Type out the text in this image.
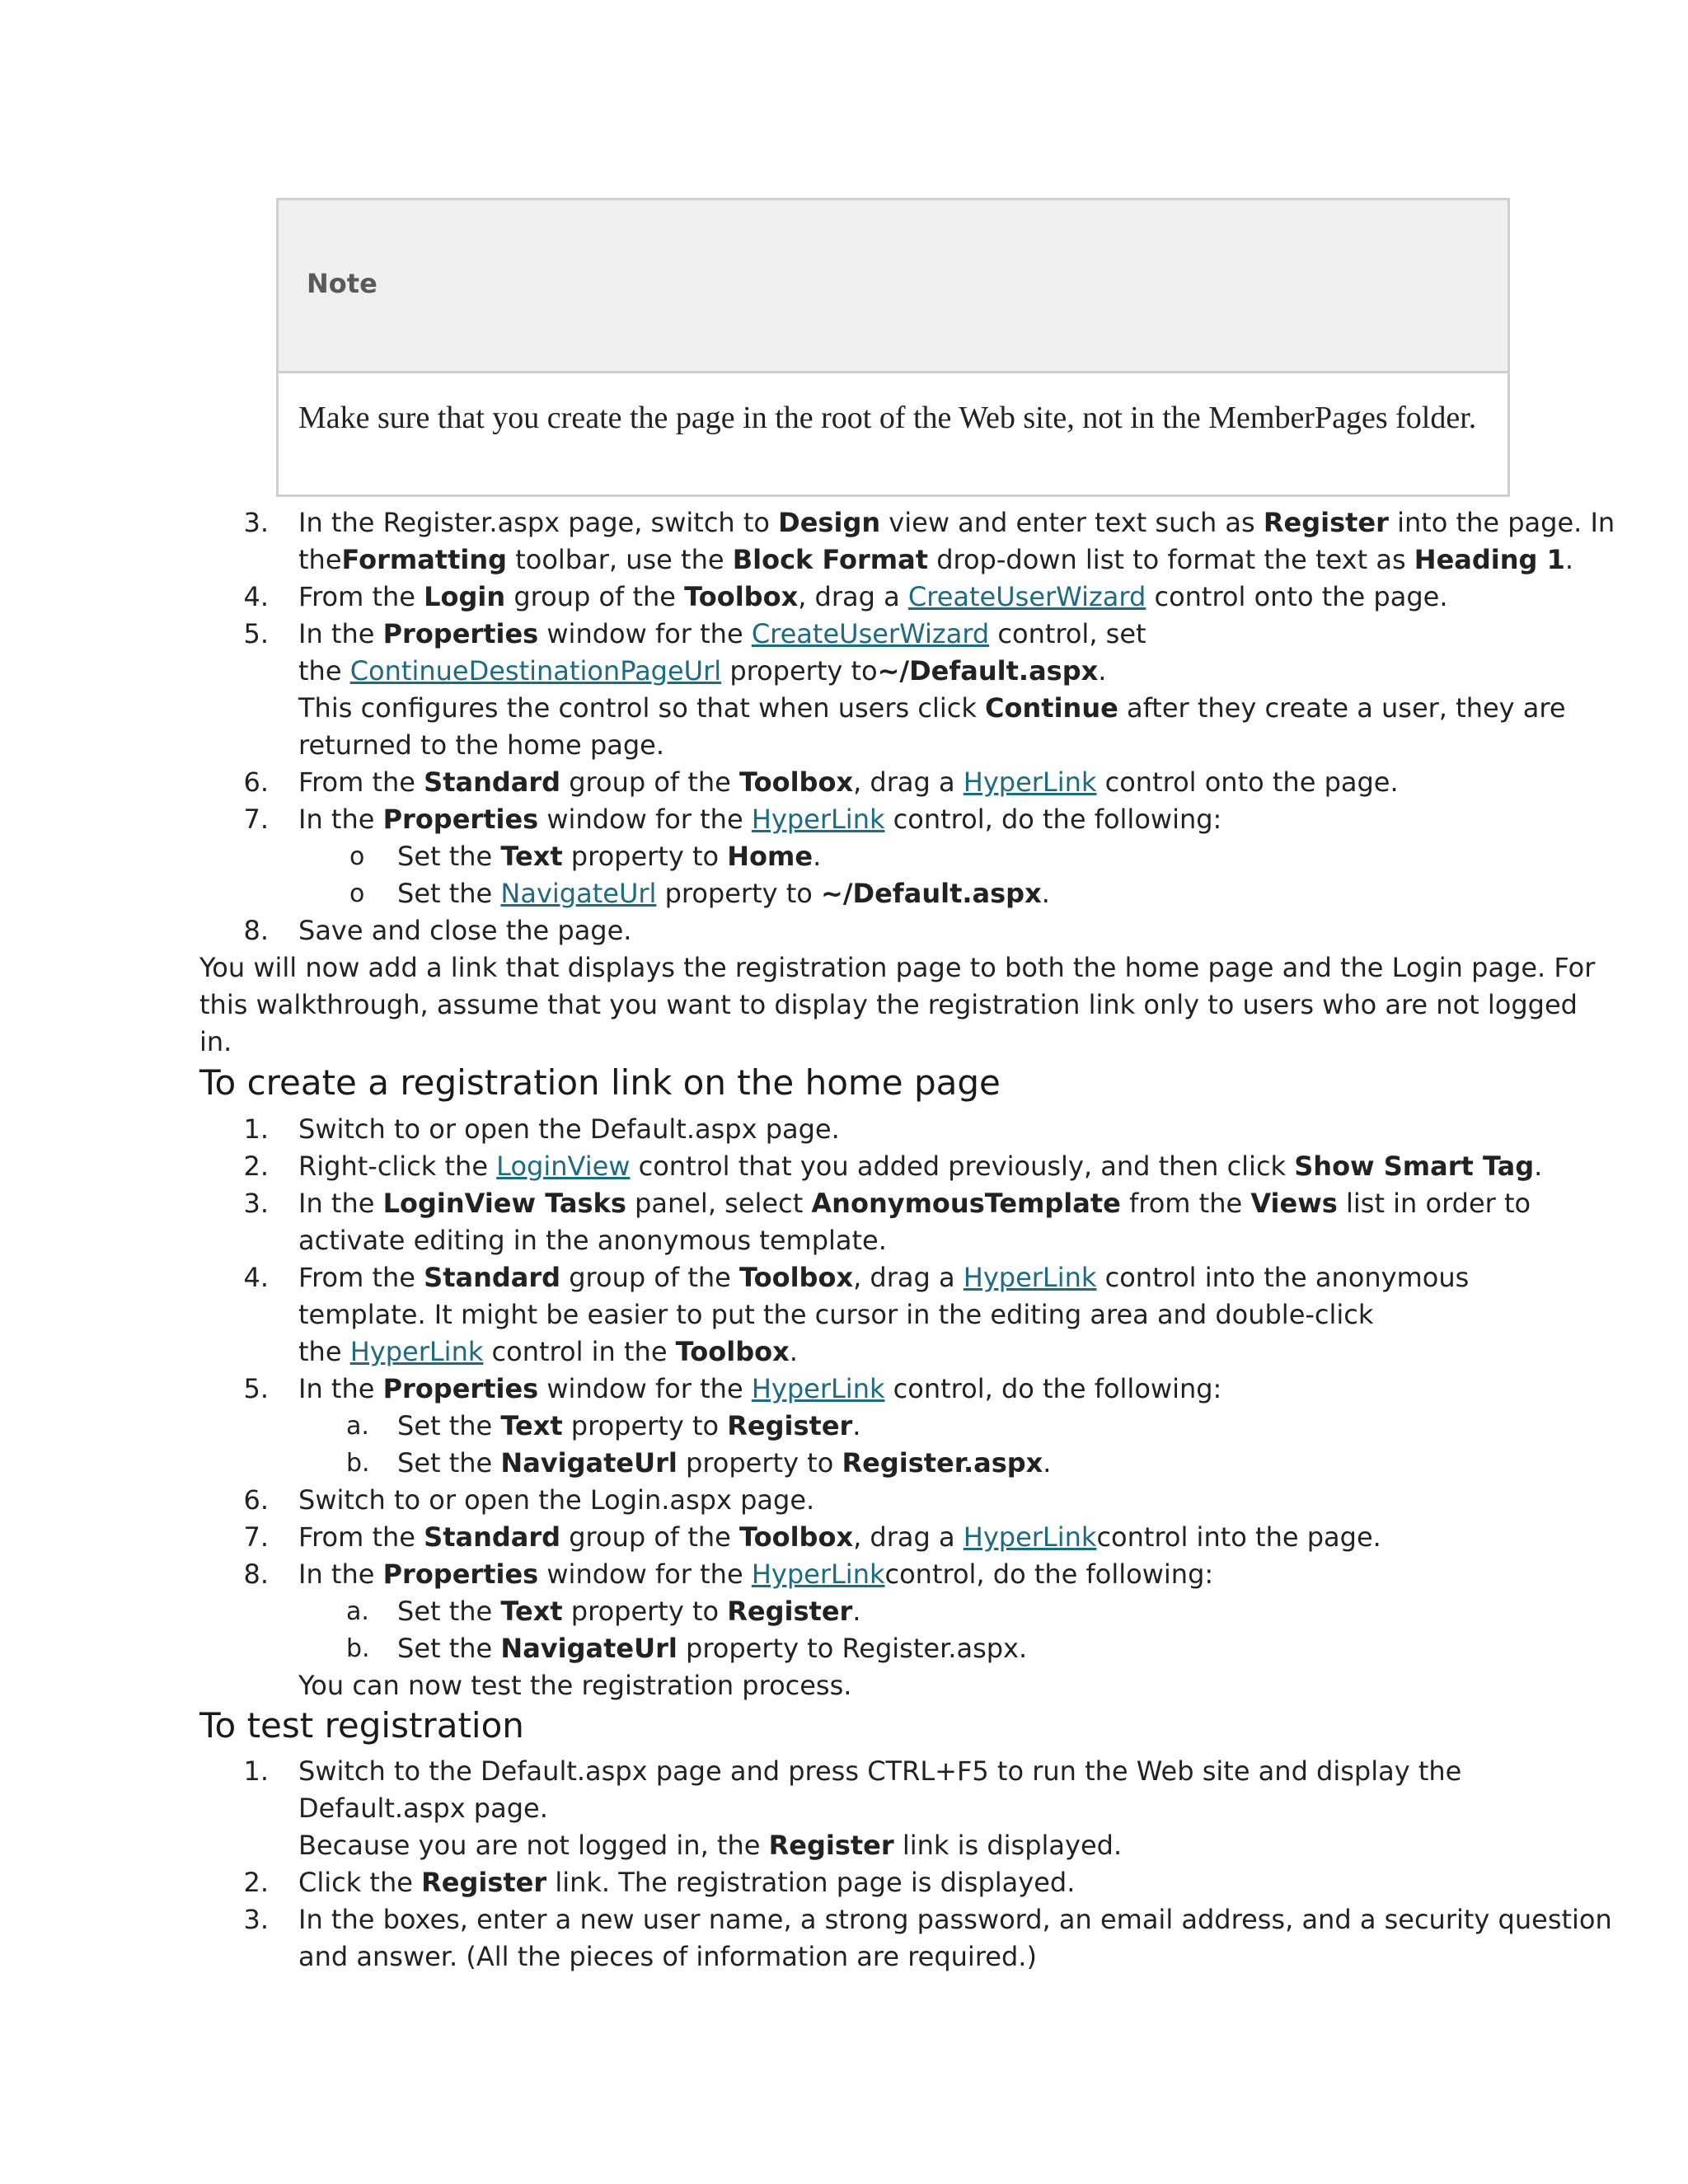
Note
Make sure that you create the page in the root of the Web site, not in the MemberPages folder.
3. In the Register.aspx page, switch to Design view and enter text such as Register into the page. In
theFormatting toolbar, use the Block Format drop-down list to format the text as Heading 1.
4. From the Login group of the Toolbox, drag a CreateUserWizard control onto the page.
5. In the Properties window for the CreateUserWizard control, set
the ContinueDestinationPageUrl property to~/Default.aspx.
This configures the control so that when users click Continue after they create a user, they are
returned to the home page.
6. From the Standard group of the Toolbox, drag a HyperLink control onto the page.
7. In the Properties window for the HyperLink control, do the following:
o Set the Text property to Home.
o Set the NavigateUrl property to ~/Default.aspx.
8. Save and close the page.
You will now add a link that displays the registration page to both the home page and the Login page. For
this walkthrough, assume that you want to display the registration link only to users who are not logged
in.
To create a registration link on the home page
1. Switch to or open the Default.aspx page.
2. Right-click the LoginView control that you added previously, and then click Show Smart Tag.
3. In the LoginView Tasks panel, select AnonymousTemplate from the Views list in order to
activate editing in the anonymous template.
4. From the Standard group of the Toolbox, drag a HyperLink control into the anonymous
template. It might be easier to put the cursor in the editing area and double-click
the HyperLink control in the Toolbox.
5. In the Properties window for the HyperLink control, do the following:
a. Set the Text property to Register.
b. Set the NavigateUrl property to Register.aspx.
6. Switch to or open the Login.aspx page.
7. From the Standard group of the Toolbox, drag a HyperLinkcontrol into the page.
8. In the Properties window for the HyperLinkcontrol, do the following:
a. Set the Text property to Register.
b. Set the NavigateUrl property to Register.aspx.
You can now test the registration process.
To test registration
1. Switch to the Default.aspx page and press CTRL+F5 to run the Web site and display the
Default.aspx page.
Because you are not logged in, the Register link is displayed.
2. Click the Register link. The registration page is displayed.
3. In the boxes, enter a new user name, a strong password, an email address, and a security question
and answer. (All the pieces of information are required.)
